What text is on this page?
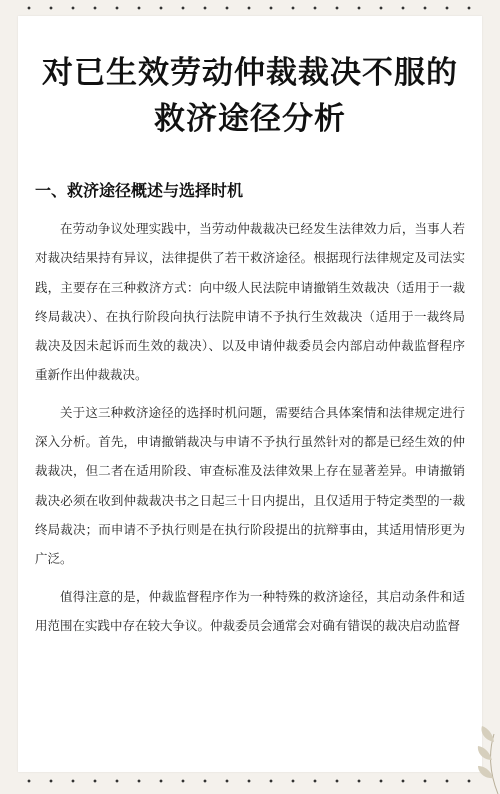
对已生效劳动仲裁裁决不服的
救济途径分析
一、救济途径概述与选择时机

在劳动争议处理实践中，当劳动仲裁裁决已经发生法律效力后，当事人若对裁决结果持有异议，法律提供了若干救济途径。根据现行法律规定及司法实践，主要存在三种救济方式：向中级人民法院申请撤销生效裁决（适用于一裁终局裁决）、在执行阶段向执行法院申请不予执行生效裁决（适用于一裁终局裁决及因未起诉而生效的裁决）、以及申请仲裁委员会内部启动仲裁监督程序重新作出仲裁裁决。

关于这三种救济途径的选择时机问题，需要结合具体案情和法律规定进行深入分析。首先，申请撤销裁决与申请不予执行虽然针对的都是已经生效的仲裁裁决，但二者在适用阶段、审查标准及法律效果上存在显著差异。申请撤销裁决必须在收到仲裁裁决书之日起三十日内提出，且仅适用于特定类型的一裁终局裁决；而申请不予执行则是在执行阶段提出的抗辩事由，其适用情形更为广泛。

值得注意的是，仲裁监督程序作为一种特殊的救济途径，其启动条件和适用范围在实践中存在较大争议。仲裁委员会通常会对确有错误的裁决启动监督
